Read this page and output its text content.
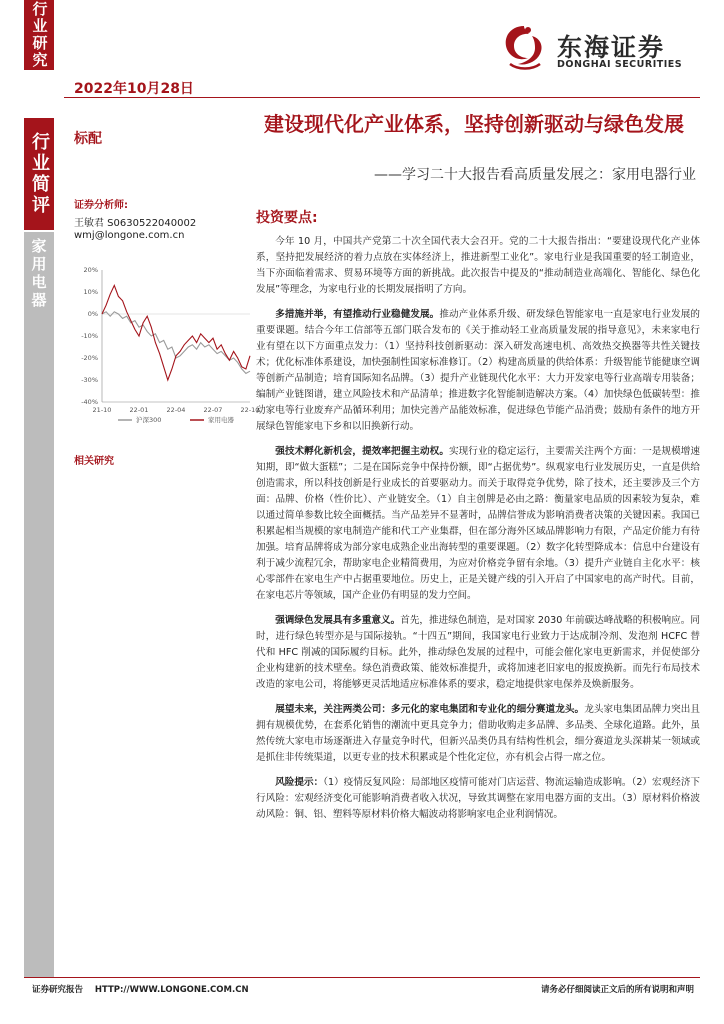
行业研究
行业简评
家用电器
2022年10月28日
东海证券
DONGHAI SECURITIES
标配
证券分析师:
王敏君 S0630522040002
wmj@longone.com.cn
20%
10%
0%
-10%
-20%
-30%
-40%
21-10	22-01	22-04	22-07	22-10
沪深300	家用电器
相关研究
建设现代化产业体系，坚持创新驱动与绿色发展
——学习二十大报告看高质量发展之：家用电器行业
投资要点:

今年 10 月，中国共产党第二十次全国代表大会召开。党的二十大报告指出：“要建设现代化产业体系，坚持把发展经济的着力点放在实体经济上，推进新型工业化”。家电行业是我国重要的轻工制造业，当下亦面临着需求、贸易环境等方面的新挑战。此次报告中提及的“推动制造业高端化、智能化、绿色化发展”等理念，为家电行业的长期发展指明了方向。

多措施并举，有望推动行业稳健发展。推动产业体系升级、研发绿色智能家电一直是家电行业发展的重要课题。结合今年工信部等五部门联合发布的《关于推动轻工业高质量发展的指导意见》，未来家电行业有望在以下方面重点发力：（1）坚持科技创新驱动：深入研发高速电机、高效热交换器等共性关键技术；优化标准体系建设，加快强制性国家标准修订。（2）构建高质量的供给体系：升级智能节能健康空调等创新产品制造；培育国际知名品牌。（3）提升产业链现代化水平：大力开发家电等行业高端专用装备；编制产业链图谱，建立风险技术和产品清单；推进数字化智能制造解决方案。（4）加快绿色低碳转型：推动家电等行业废弃产品循环利用；加快完善产品能效标准，促进绿色节能产品消费；鼓励有条件的地方开展绿色智能家电下乡和以旧换新行动。

强技术孵化新机会，提效率把握主动权。实现行业的稳定运行，主要需关注两个方面：一是规模增速知期，即“做大蛋糕”；二是在国际竞争中保持份额，即“占据优势”。纵观家电行业发展历史，一直是供给创造需求，所以科技创新是行业成长的首要驱动力。而关于取得竞争优势，除了技术，还主要涉及三个方面：品牌、价格（性价比）、产业链安全。（1）自主创牌是必由之路：衡量家电品质的因素较为复杂，难以通过简单参数比较全面概括。当产品差异不显著时，品牌信誉成为影响消费者决策的关键因素。我国已积累起相当规模的家电制造产能和代工产业集群，但在部分海外区域品牌影响力有限，产品定价能力有待加强。培育品牌将成为部分家电成熟企业出海转型的重要课题。（2）数字化转型降成本：信息中台建设有利于减少流程冗余，帮助家电企业精简费用，为应对价格竞争留有余地。（3）提升产业链自主化水平：核心零部件在家电生产中占据重要地位。历史上，正是关键产线的引入开启了中国家电的高产时代。目前，在家电芯片等领域，国产企业仍有明显的发力空间。

强调绿色发展具有多重意义。首先，推进绿色制造，是对国家 2030 年前碳达峰战略的积极响应。同时，进行绿色转型亦是与国际接轨。“十四五”期间，我国家电行业致力于达成制冷剂、发泡剂 HCFC 替代和 HFC 削减的国际履约目标。此外，推动绿色发展的过程中，可能会催化家电更新需求，并促使部分企业构建新的技术壁垒。绿色消费政策、能效标准提升，或将加速老旧家电的报废换新。而先行布局技术改造的家电公司，将能够更灵活地适应标准体系的要求，稳定地提供家电保养及焕新服务。

展望未来，关注两类公司：多元化的家电集团和专业化的细分赛道龙头。龙头家电集团品牌力突出且拥有规模优势，在套系化销售的潮流中更具竞争力；借助收购走多品牌、多品类、全球化道路。此外，虽然传统大家电市场逐渐进入存量竞争时代，但新兴品类仍具有结构性机会，细分赛道龙头深耕某一领域或是抓住非传统渠道，以更专业的技术积累或是个性化定位，亦有机会占得一席之位。

风险提示：（1）疫情反复风险：局部地区疫情可能对门店运营、物流运输造成影响。（2）宏观经济下行风险：宏观经济变化可能影响消费者收入状况，导致其调整在家用电器方面的支出。（3）原材料价格波动风险：铜、铝、塑料等原材料价格大幅波动将影响家电企业利润情况。

证券研究报告    HTTP://WWW.LONGONE.COM.CN	请务必仔细阅读正文后的所有说明和声明
